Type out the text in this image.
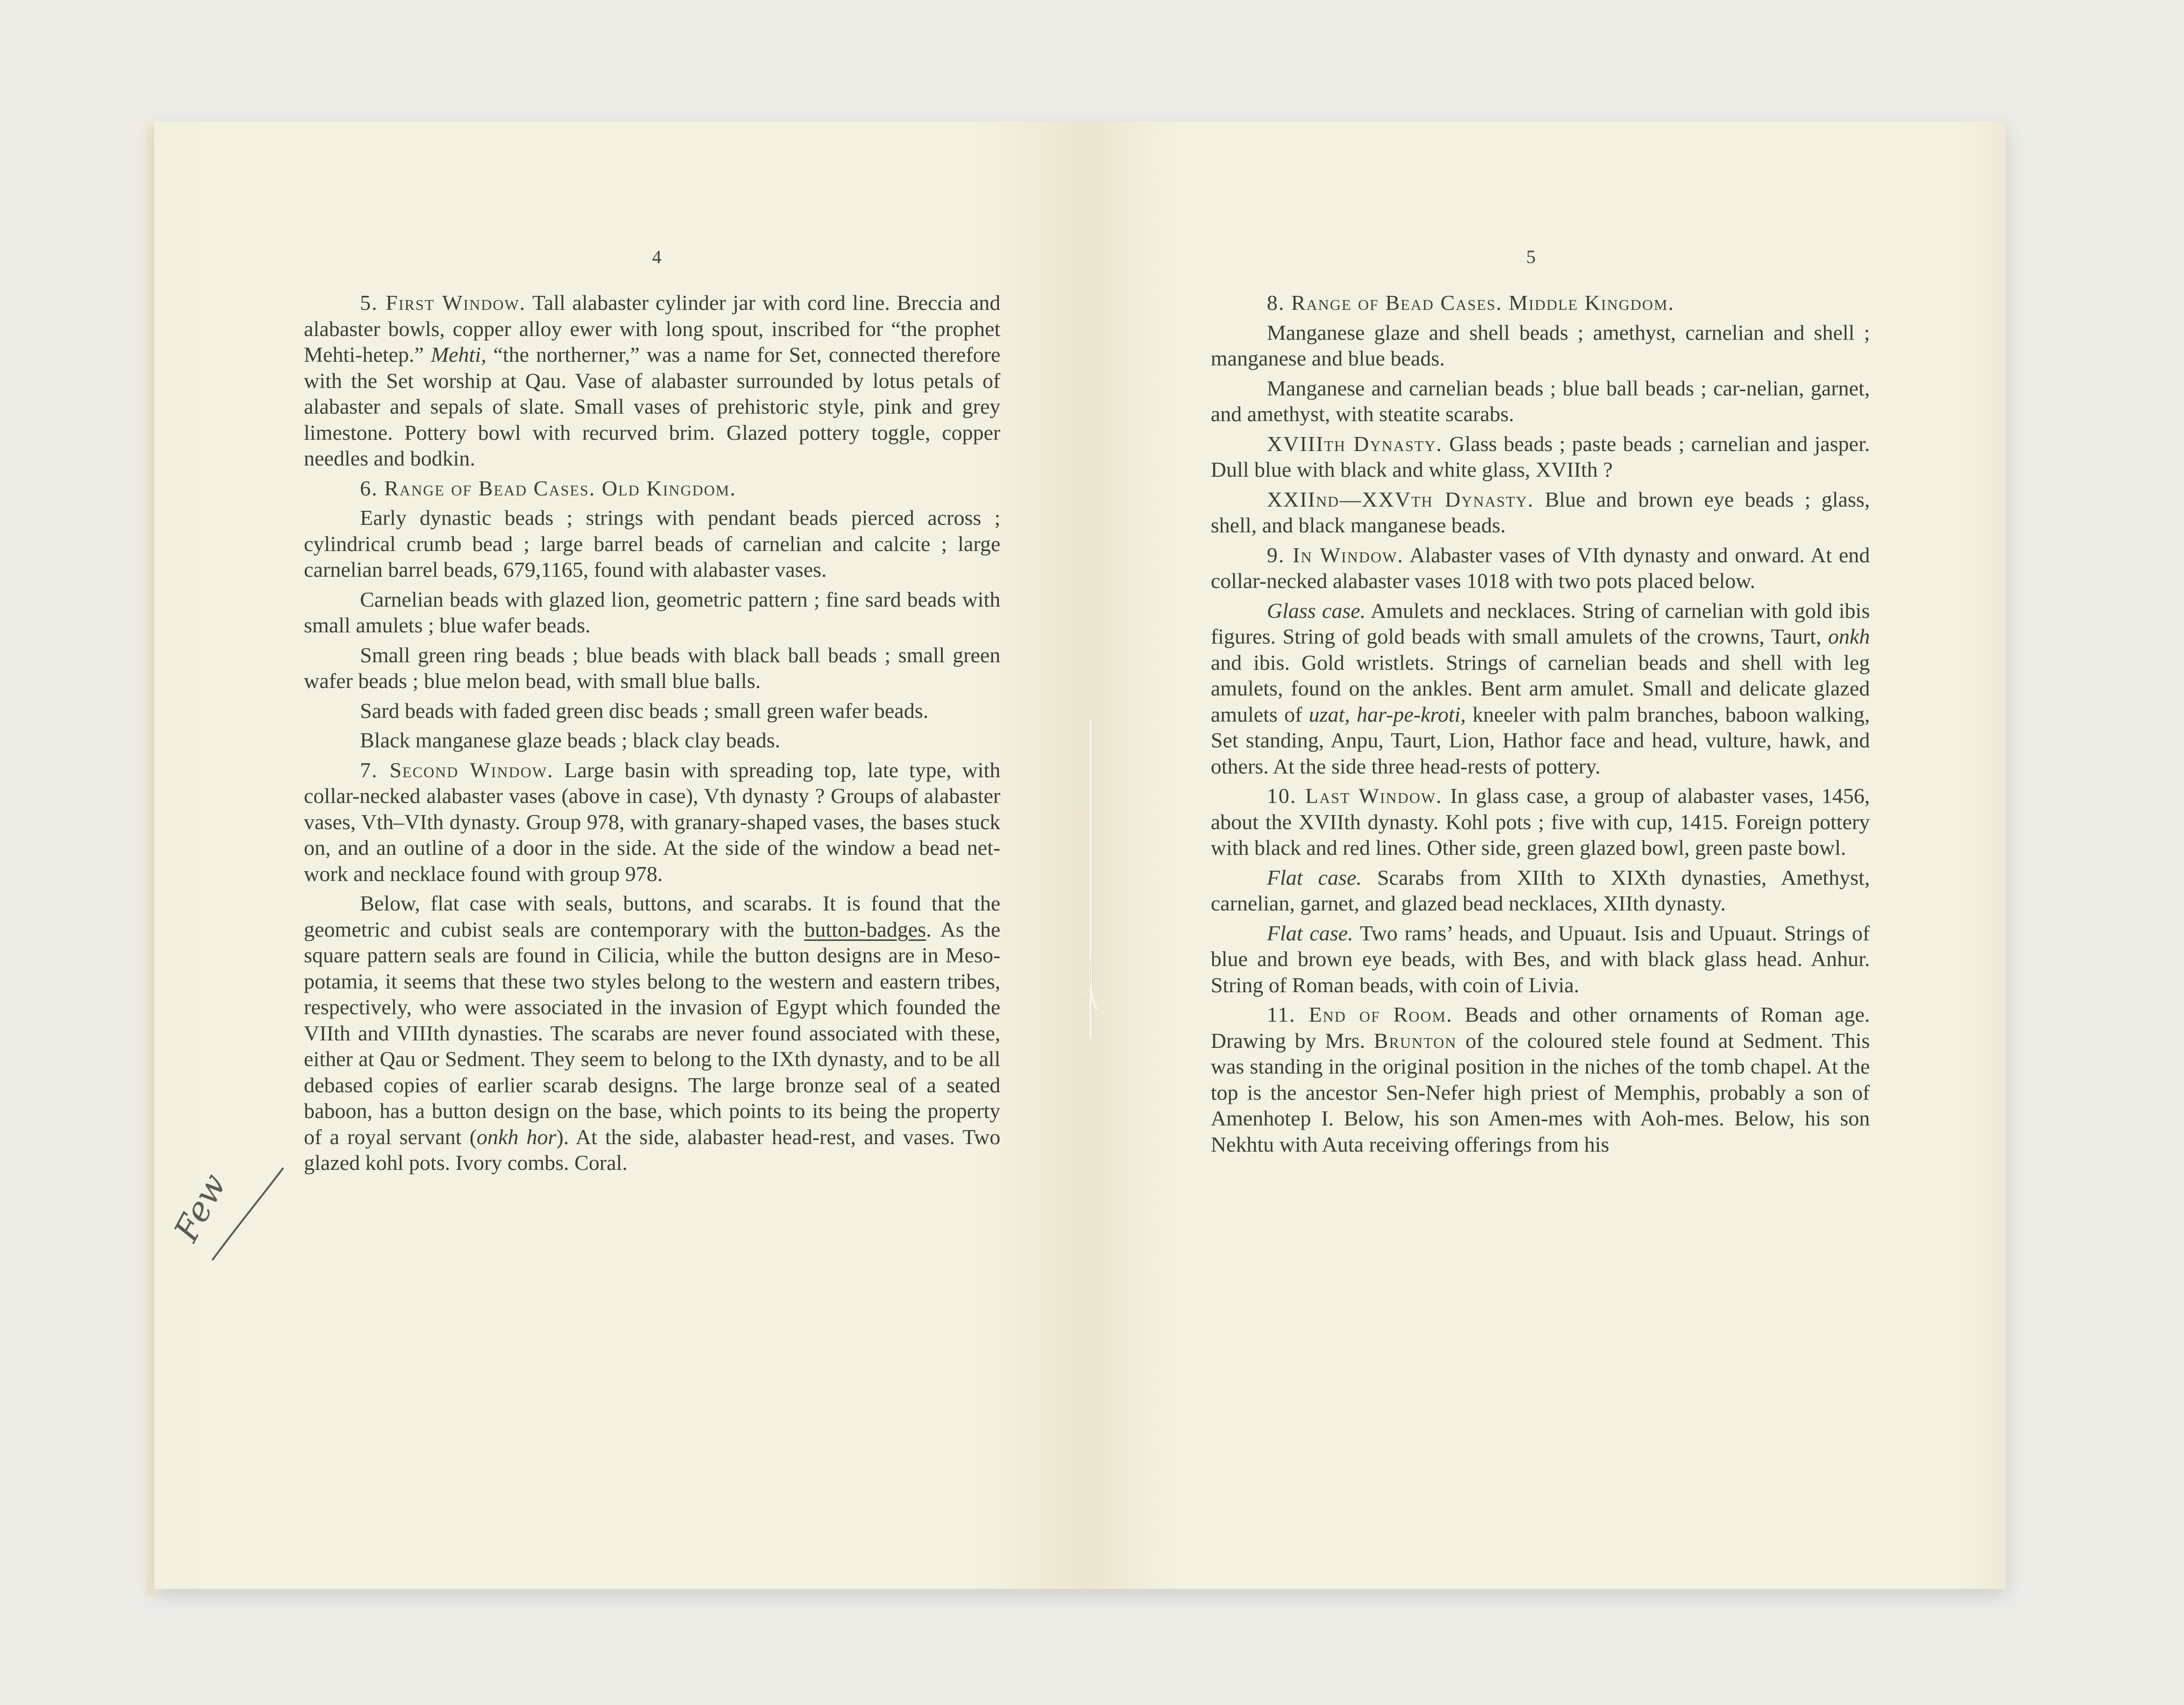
4

5. First Window. Tall alabaster cylinder jar with cord line. Breccia and alabaster bowls, copper alloy ewer with long spout, inscribed for “the prophet Mehti-hetep.” Mehti, “the northerner,” was a name for Set, connected therefore with the Set worship at Qau. Vase of alabaster surrounded by lotus petals of alabaster and sepals of slate. Small vases of prehistoric style, pink and grey limestone. Pottery bowl with recurved brim. Glazed pottery toggle, copper needles and bodkin.

6. Range of Bead Cases. Old Kingdom.

Early dynastic beads ; strings with pendant beads pierced across ; cylindrical crumb bead ; large barrel beads of carnelian and calcite ; large carnelian barrel beads, 679,1165, found with alabaster vases.

Carnelian beads with glazed lion, geometric pattern ; fine sard beads with small amulets ; blue wafer beads.

Small green ring beads ; blue beads with black ball beads ; small green wafer beads ; blue melon bead, with small blue balls.

Sard beads with faded green disc beads ; small green wafer beads.

Black manganese glaze beads ; black clay beads.

7. Second Window. Large basin with spreading top, late type, with collar-necked alabaster vases (above in case), Vth dynasty ? Groups of alabaster vases, Vth–VIth dynasty. Group 978, with granary-shaped vases, the bases stuck on, and an outline of a door in the side. At the side of the window a bead net-work and necklace found with group 978.

Below, flat case with seals, buttons, and scarabs. It is found that the geometric and cubist seals are contemporary with the button-badges. As the square pattern seals are found in Cilicia, while the button designs are in Meso-potamia, it seems that these two styles belong to the western and eastern tribes, respectively, who were associated in the invasion of Egypt which founded the VIIth and VIIIth dynasties. The scarabs are never found associated with these, either at Qau or Sedment. They seem to belong to the IXth dynasty, and to be all debased copies of earlier scarab designs. The large bronze seal of a seated baboon, has a button design on the base, which points to its being the property of a royal servant (onkh hor). At the side, alabaster head-rest, and vases. Two glazed kohl pots. Ivory combs. Coral.

5

8. Range of Bead Cases. Middle Kingdom.

Manganese glaze and shell beads ; amethyst, carnelian and shell ; manganese and blue beads.

Manganese and carnelian beads ; blue ball beads ; car-nelian, garnet, and amethyst, with steatite scarabs.

XVIIIth Dynasty. Glass beads ; paste beads ; carnelian and jasper. Dull blue with black and white glass, XVIIth ?

XXIInd—XXVth Dynasty. Blue and brown eye beads ; glass, shell, and black manganese beads.

9. In Window. Alabaster vases of VIth dynasty and onward. At end collar-necked alabaster vases 1018 with two pots placed below.

Glass case. Amulets and necklaces. String of carnelian with gold ibis figures. String of gold beads with small amulets of the crowns, Taurt, onkh and ibis. Gold wristlets. Strings of carnelian beads and shell with leg amulets, found on the ankles. Bent arm amulet. Small and delicate glazed amulets of uzat, har-pe-kroti, kneeler with palm branches, baboon walking, Set standing, Anpu, Taurt, Lion, Hathor face and head, vulture, hawk, and others. At the side three head-rests of pottery.

10. Last Window. In glass case, a group of alabaster vases, 1456, about the XVIIth dynasty. Kohl pots ; five with cup, 1415. Foreign pottery with black and red lines. Other side, green glazed bowl, green paste bowl.

Flat case. Scarabs from XIIth to XIXth dynasties, Amethyst, carnelian, garnet, and glazed bead necklaces, XIIth dynasty.

Flat case. Two rams’ heads, and Upuaut. Isis and Upuaut. Strings of blue and brown eye beads, with Bes, and with black glass head. Anhur. String of Roman beads, with coin of Livia.

11. End of Room. Beads and other ornaments of Roman age. Drawing by Mrs. Brunton of the coloured stele found at Sedment. This was standing in the original position in the niches of the tomb chapel. At the top is the ancestor Sen-Nefer high priest of Memphis, probably a son of Amenhotep I. Below, his son Amen-mes with Aoh-mes. Below, his son Nekhtu with Auta receiving offerings from his

Few
